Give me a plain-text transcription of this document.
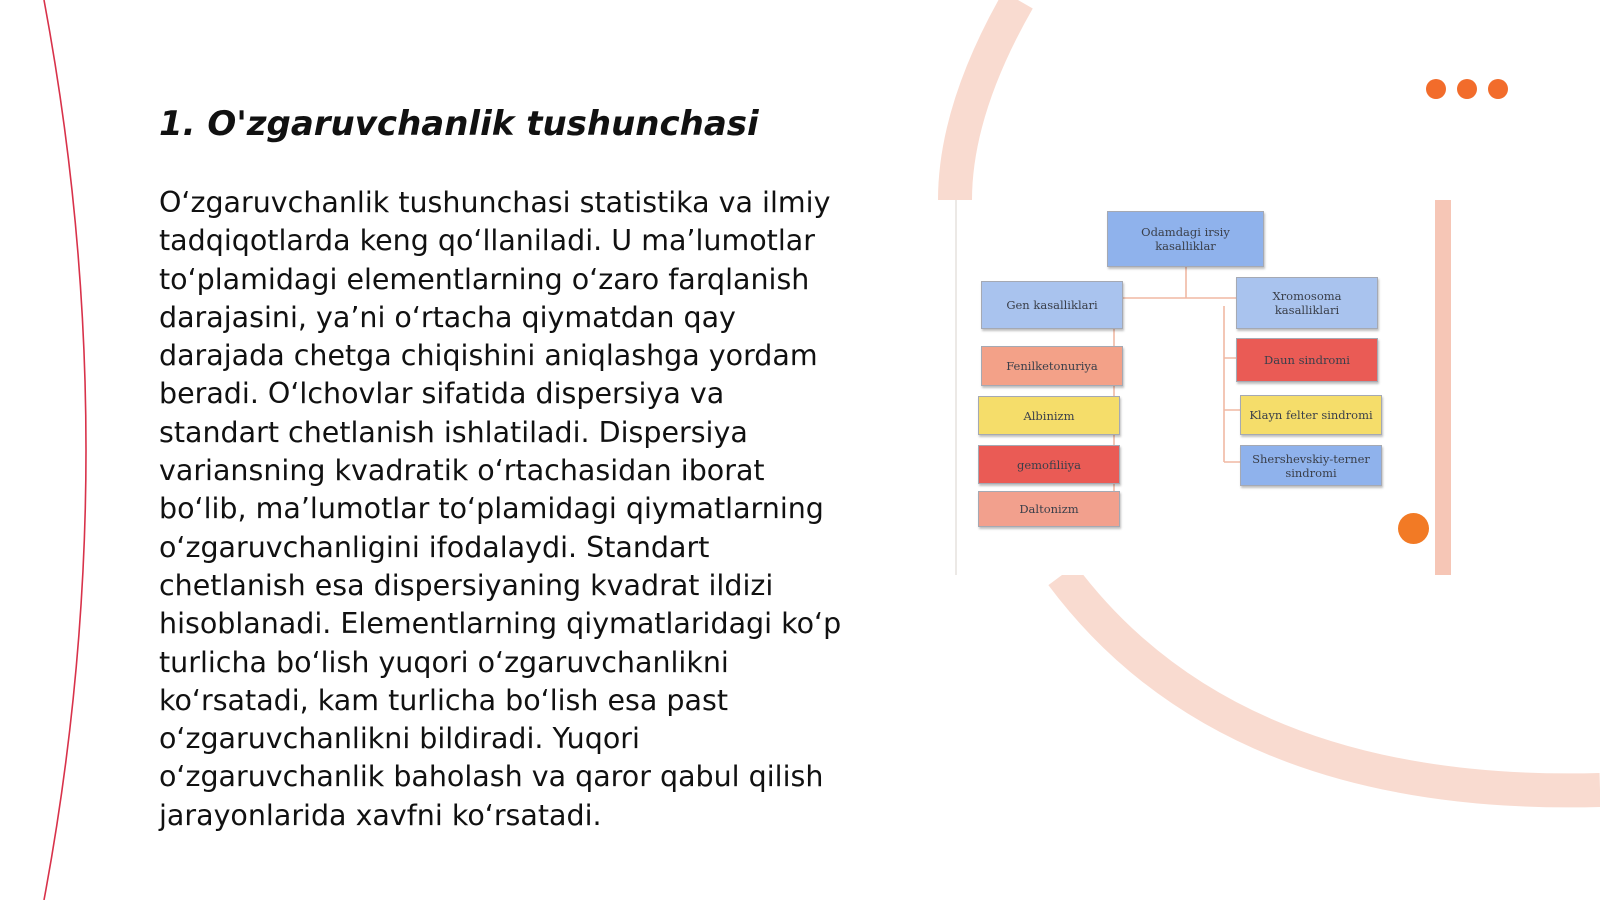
1. O'zgaruvchanlik tushunchasi

O‘zgaruvchanlik tushunchasi statistika va ilmiy tadqiqotlarda keng qo‘llaniladi. U ma’lumotlar to‘plamidagi elementlarning o‘zaro farqlanish darajasini, ya’ni o‘rtacha qiymatdan qay darajada chetga chiqishini aniqlashga yordam beradi. O‘lchovlar sifatida dispersiya va standart chetlanish ishlatiladi. Dispersiya variansning kvadratik o‘rtachasidan iborat bo‘lib, ma’lumotlar to‘plamidagi qiymatlarning o‘zgaruvchanligini ifodalaydi. Standart chetlanish esa dispersiyaning kvadrat ildizi hisoblanadi. Elementlarning qiymatlaridagi ko‘p turlicha bo‘lish yuqori o‘zgaruvchanlikni ko‘rsatadi, kam turlicha bo‘lish esa past o‘zgaruvchanlikni bildiradi. Yuqori o‘zgaruvchanlik baholash va qaror qabul qilish jarayonlarida xavfni ko‘rsatadi.

Odamdagi irsiy kasalliklar
Gen kasalliklari
Fenilketonuriya
Albinizm
gemofiliiya
Daltonizm
Xromosoma kasalliklari
Daun sindromi
Klayn felter sindromi
Shershevskiy-terner sindromi
